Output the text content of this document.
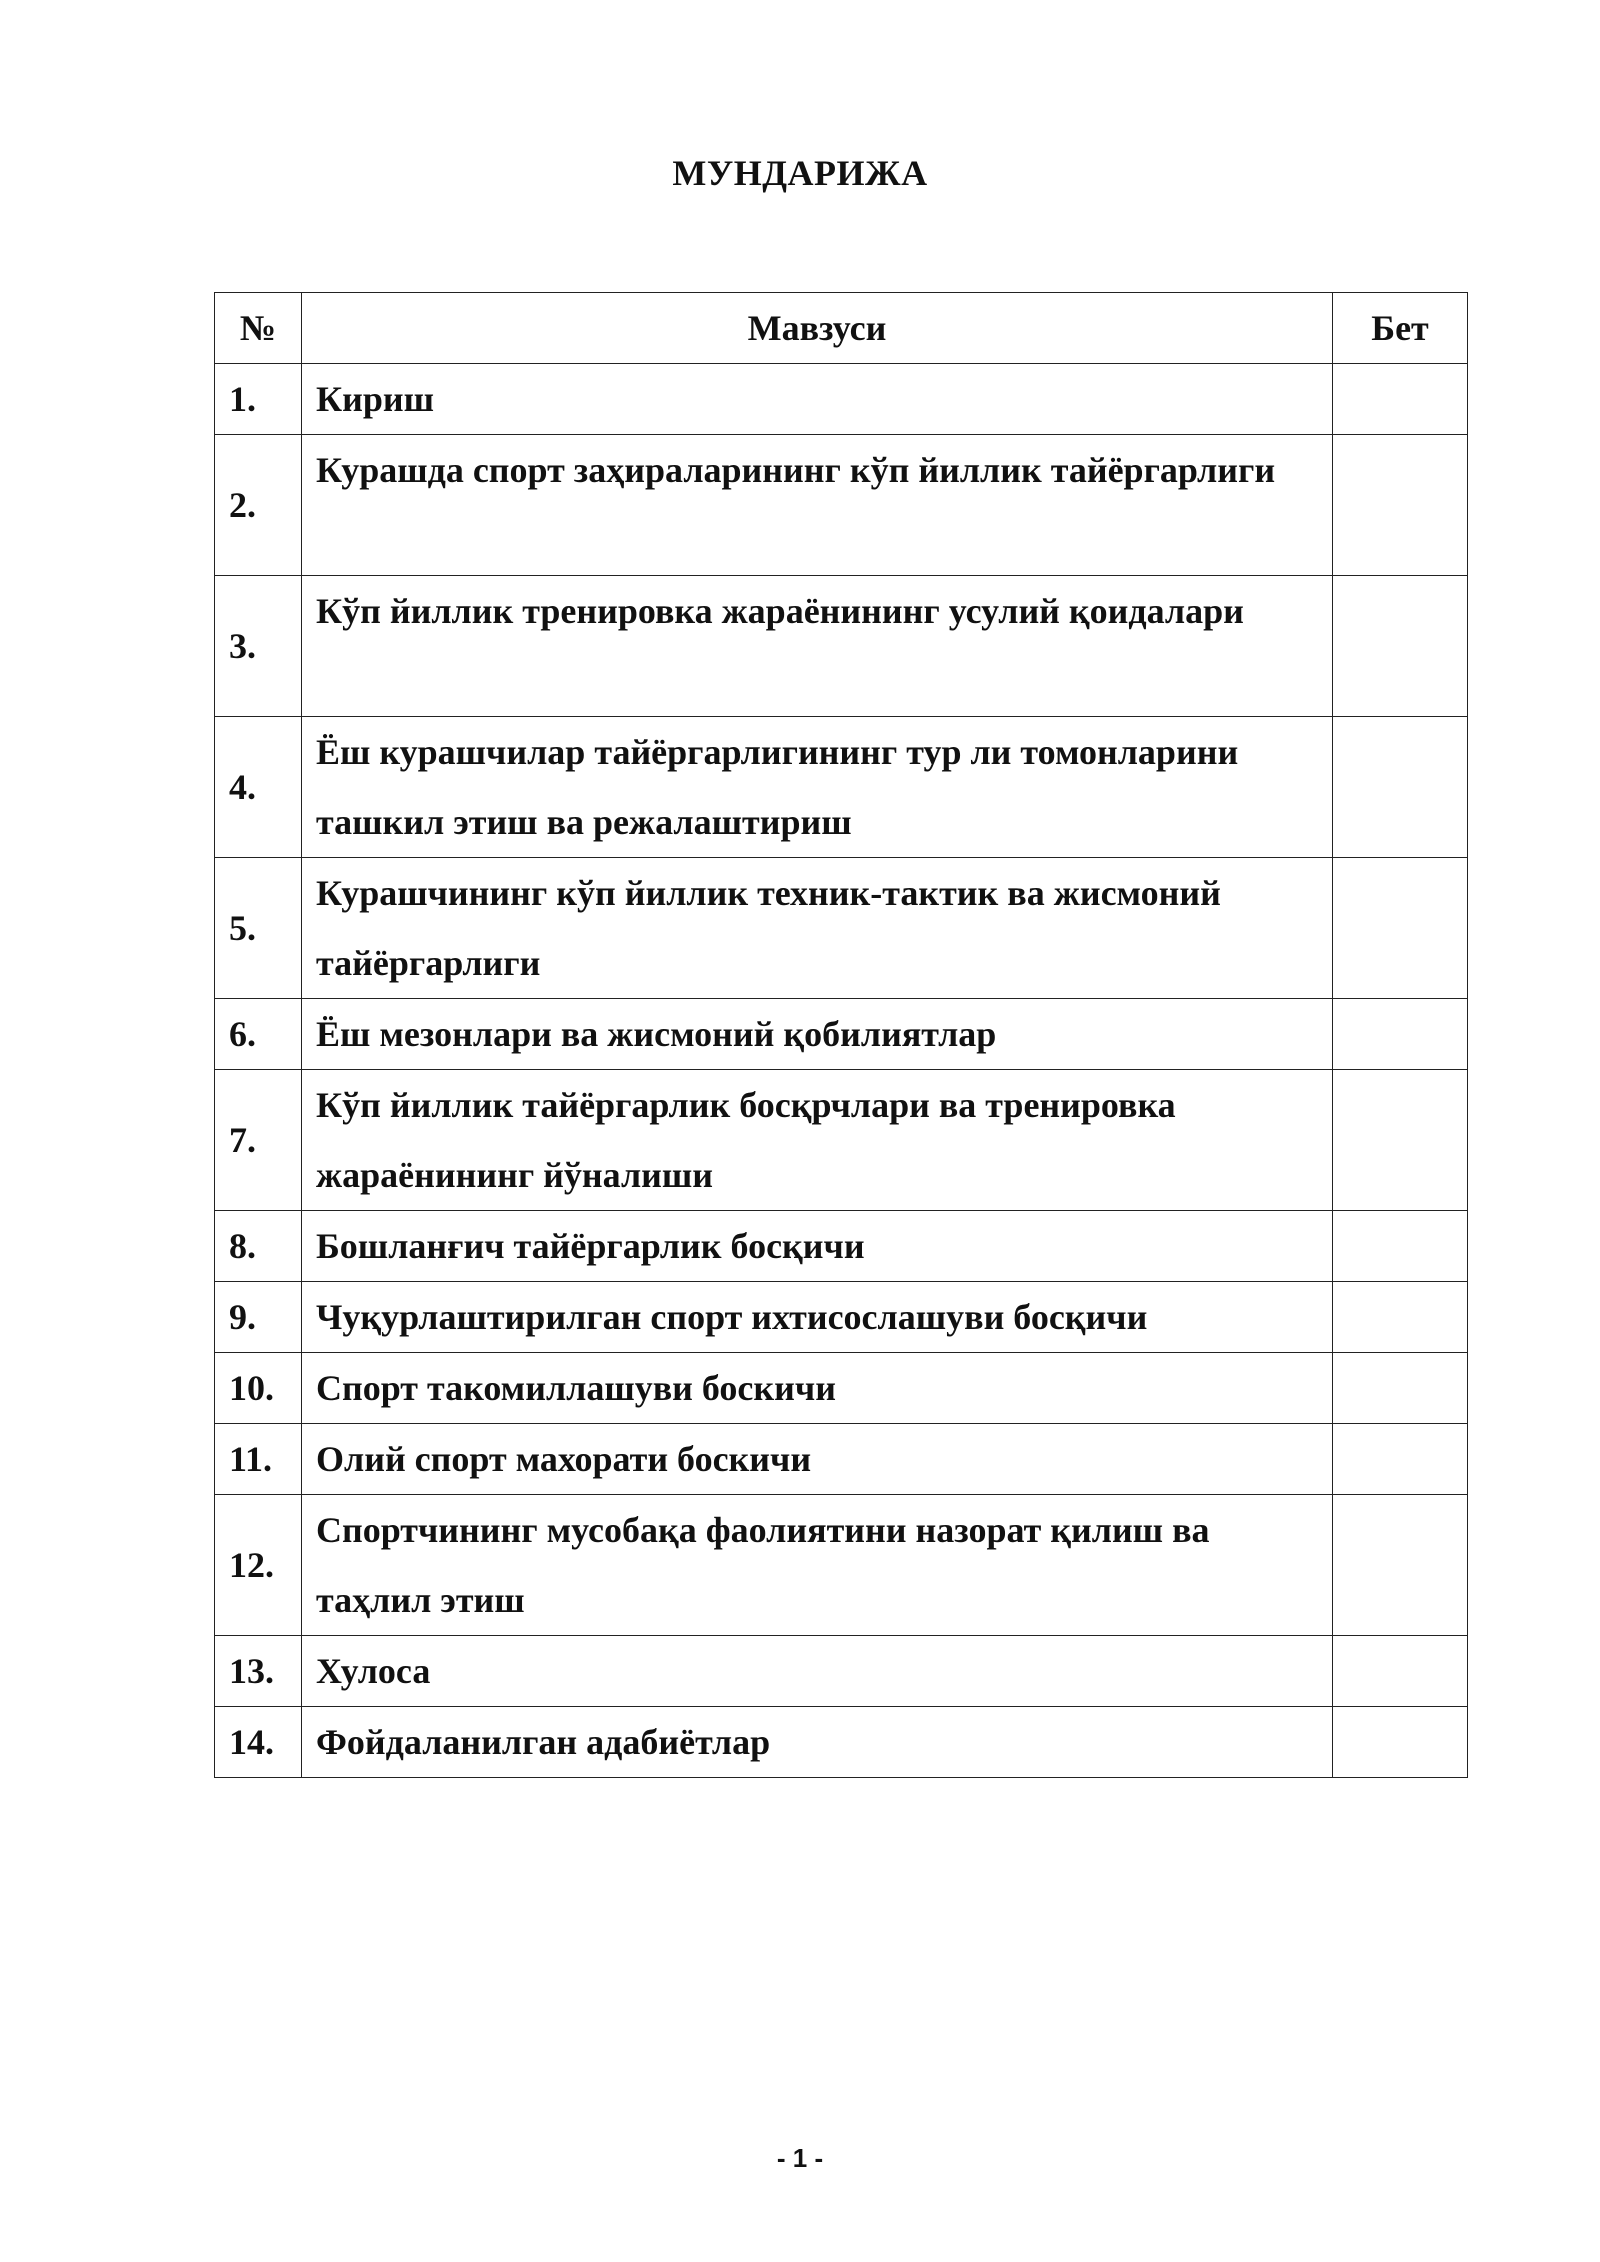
МУНДАРИЖА
№	Мавзуси	Бет
1.	Кириш	
2.	Курашда спорт заҳираларининг кўп йиллик тайёргарлиги	
3.	Кўп йиллик тренировка жараёнининг усулий қоидалари	
4.	Ёш курашчилар тайёргарлигининг тур ли томонларини ташкил этиш ва режалаштириш	
5.	Курашчининг кўп йиллик техник-тактик ва жисмоний тайёргарлиги	
6.	Ёш мезонлари ва жисмоний қобилиятлар	
7.	Кўп йиллик тайёргарлик босқрчлари ва тренировка жараёнининг йўналиши	
8.	Бошланғич тайёргарлик босқичи	
9.	Чуқурлаштирилган спорт ихтисослашуви босқичи	
10.	Спорт такомиллашуви боскичи	
11.	Олий спорт махорати боскичи	
12.	Спортчининг мусобақа фаолиятини назорат қилиш ва таҳлил этиш	
13.	Хулоса	
14.	Фойдаланилган адабиётлар	
- 1 -
